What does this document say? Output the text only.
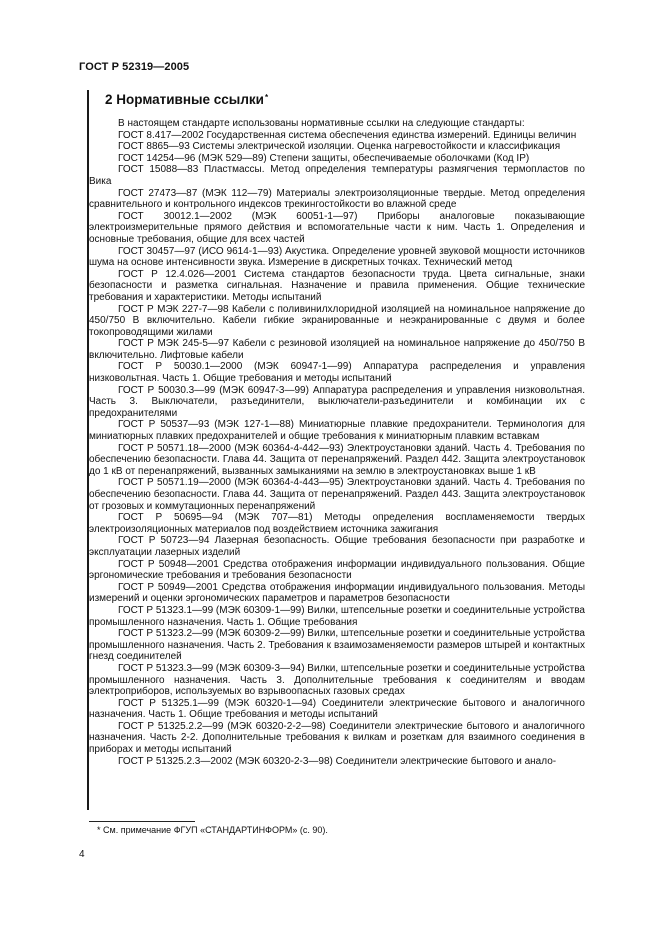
ГОСТ Р 52319—2005
2 Нормативные ссылки*

В настоящем стандарте использованы нормативные ссылки на следующие стандарты:

ГОСТ 8.417—2002 Государственная система обеспечения единства измерений. Единицы величин

ГОСТ 8865—93 Системы электрической изоляции. Оценка нагревостойкости и классификация

ГОСТ 14254—96 (МЭК 529—89) Степени защиты, обеспечиваемые оболочками (Код IP)

ГОСТ 15088—83 Пластмассы. Метод определения температуры размягчения термопластов по Вика

ГОСТ 27473—87 (МЭК 112—79) Материалы электроизоляционные твердые. Метод определения сравнительного и контрольного индексов трекингостойкости во влажной среде

ГОСТ 30012.1—2002 (МЭК 60051-1—97) Приборы аналоговые показывающие электроизмерительные прямого действия и вспомогательные части к ним. Часть 1. Определения и основные требования, общие для всех частей

ГОСТ 30457—97 (ИСО 9614-1—93) Акустика. Определение уровней звуковой мощности источников шума на основе интенсивности звука. Измерение в дискретных точках. Технический метод

ГОСТ Р 12.4.026—2001 Система стандартов безопасности труда. Цвета сигнальные, знаки безопасности и разметка сигнальная. Назначение и правила применения. Общие технические требования и характеристики. Методы испытаний

ГОСТ Р МЭК 227-7—98 Кабели с поливинилхлоридной изоляцией на номинальное напряжение до 450/750 В включительно. Кабели гибкие экранированные и неэкранированные с двумя и более токопроводящими жилами

ГОСТ Р МЭК 245-5—97 Кабели с резиновой изоляцией на номинальное напряжение до 450/750 В включительно. Лифтовые кабели

ГОСТ Р 50030.1—2000 (МЭК 60947-1—99) Аппаратура распределения и управления низковольтная. Часть 1. Общие требования и методы испытаний

ГОСТ Р 50030.3—99 (МЭК 60947-3—99) Аппаратура распределения и управления низковольтная. Часть 3. Выключатели, разъединители, выключатели-разъединители и комбинации их с предохранителями

ГОСТ Р 50537—93 (МЭК 127-1—88) Миниатюрные плавкие предохранители. Терминология для миниатюрных плавких предохранителей и общие требования к миниатюрным плавким вставкам

ГОСТ Р 50571.18—2000 (МЭК 60364-4-442—93) Электроустановки зданий. Часть 4. Требования по обеспечению безопасности. Глава 44. Защита от перенапряжений. Раздел 442. Защита электроустановок до 1 кВ от перенапряжений, вызванных замыканиями на землю в электроустановках выше 1 кВ

ГОСТ Р 50571.19—2000 (МЭК 60364-4-443—95) Электроустановки зданий. Часть 4. Требования по обеспечению безопасности. Глава 44. Защита от перенапряжений. Раздел 443. Защита электроустановок от грозовых и коммутационных перенапряжений

ГОСТ Р 50695—94 (МЭК 707—81) Методы определения воспламеняемости твердых электроизоляционных материалов под воздействием источника зажигания

ГОСТ Р 50723—94 Лазерная безопасность. Общие требования безопасности при разработке и эксплуатации лазерных изделий

ГОСТ Р 50948—2001 Средства отображения информации индивидуального пользования. Общие эргономические требования и требования безопасности

ГОСТ Р 50949—2001 Средства отображения информации индивидуального пользования. Методы измерений и оценки эргономических параметров и параметров безопасности

ГОСТ Р 51323.1—99 (МЭК 60309-1—99) Вилки, штепсельные розетки и соединительные устройства промышленного назначения. Часть 1. Общие требования

ГОСТ Р 51323.2—99 (МЭК 60309-2—99) Вилки, штепсельные розетки и соединительные устройства промышленного назначения. Часть 2. Требования к взаимозаменяемости размеров штырей и контактных гнезд соединителей

ГОСТ Р 51323.3—99 (МЭК 60309-3—94) Вилки, штепсельные розетки и соединительные устройства промышленного назначения. Часть 3. Дополнительные требования к соединителям и вводам электроприборов, используемых во взрывоопасных газовых средах

ГОСТ Р 51325.1—99 (МЭК 60320-1—94) Соединители электрические бытового и аналогичного назначения. Часть 1. Общие требования и методы испытаний

ГОСТ Р 51325.2.2—99 (МЭК 60320-2-2—98) Соединители электрические бытового и аналогичного назначения. Часть 2-2. Дополнительные требования к вилкам и розеткам для взаимного соединения в приборах и методы испытаний

ГОСТ Р 51325.2.3—2002 (МЭК 60320-2-3—98) Соединители электрические бытового и анало-

* См. примечание ФГУП «СТАНДАРТИНФОРМ» (с. 90).
4
